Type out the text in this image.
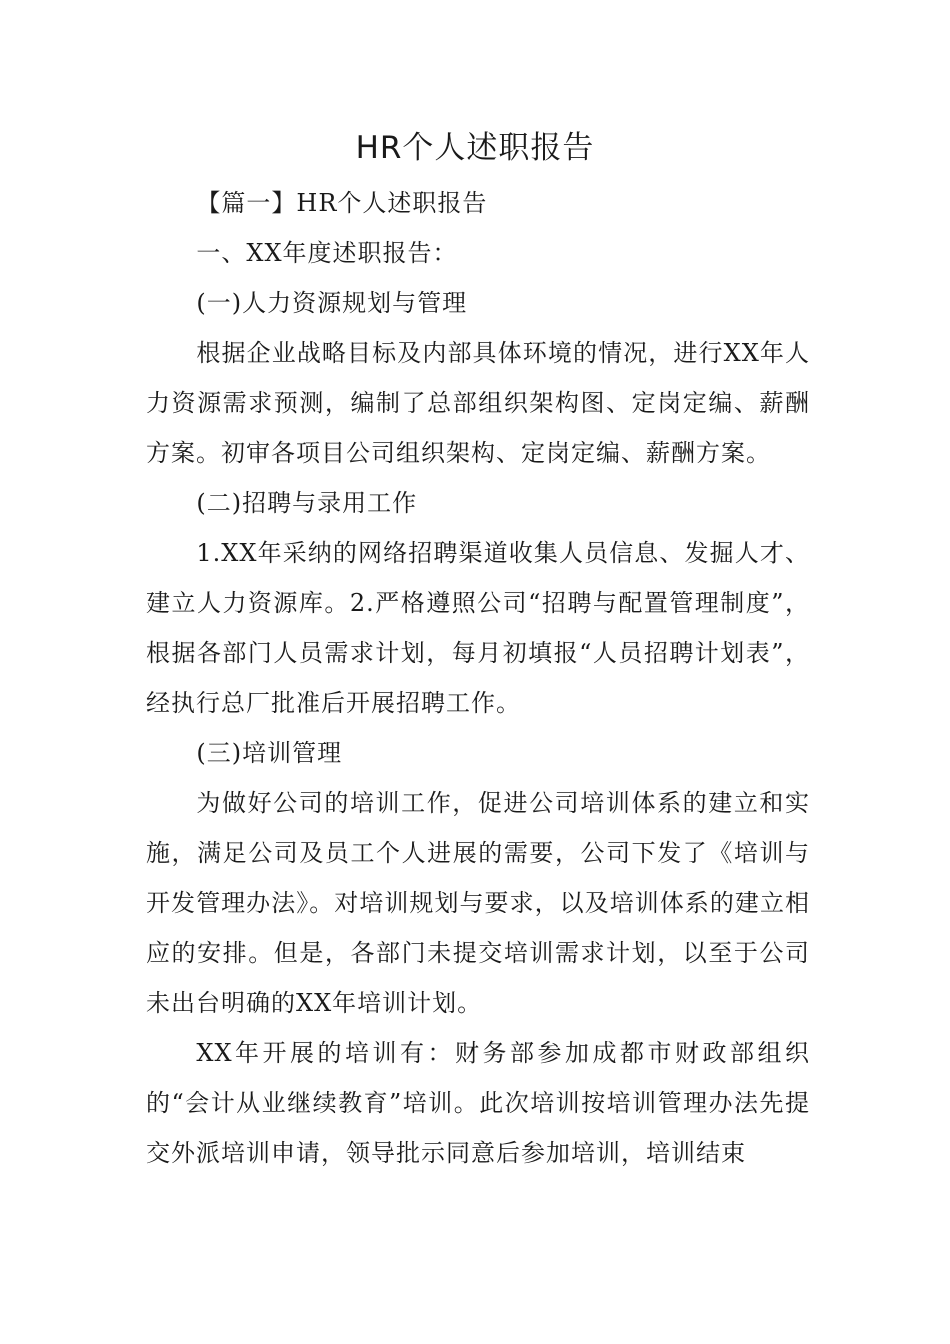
HR个人述职报告

【篇一】HR个人述职报告

一、XX年度述职报告：

(一)人力资源规划与管理

根据企业战略目标及内部具体环境的情况，进行XX年人力资源需求预测，编制了总部组织架构图、定岗定编、薪酬方案。初审各项目公司组织架构、定岗定编、薪酬方案。

(二)招聘与录用工作

1.XX年采纳的网络招聘渠道收集人员信息、发掘人才、建立人力资源库。2.严格遵照公司“招聘与配置管理制度”，根据各部门人员需求计划，每月初填报“人员招聘计划表”，经执行总厂批准后开展招聘工作。

(三)培训管理

为做好公司的培训工作，促进公司培训体系的建立和实施，满足公司及员工个人进展的需要，公司下发了《培训与开发管理办法》。对培训规划与要求，以及培训体系的建立相应的安排。但是，各部门未提交培训需求计划，以至于公司未出台明确的XX年培训计划。

XX年开展的培训有：财务部参加成都市财政部组织的“会计从业继续教育”培训。此次培训按培训管理办法先提交外派培训申请，领导批示同意后参加培训，培训结束
